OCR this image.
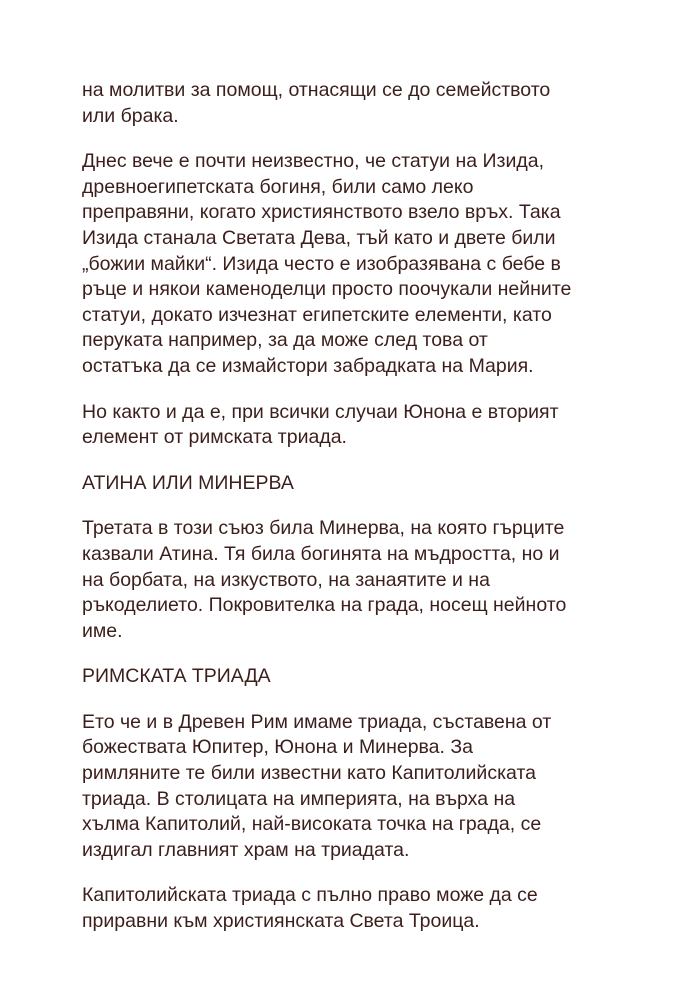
на молитви за помощ, отнасящи се до семейството
или брака.

Днес вече е почти неизвестно, че статуи на Изида,
древноегипетската богиня, били само леко
преправяни, когато християнството взело връх. Така
Изида станала Светата Дева, тъй като и двете били
„божии майки“. Изида често е изобразявана с бебе в
ръце и някои каменоделци просто поочукали нейните
статуи, докато изчезнат египетските елементи, като
перуката например, за да може след това от
остатъка да се измайстори забрадката на Мария.

Но както и да е, при всички случаи Юнона е вторият
елемент от римската триада.

АТИНА ИЛИ МИНЕРВА

Третата в този съюз била Минерва, на която гърците
казвали Атина. Тя била богинята на мъдростта, но и
на борбата, на изкуството, на занаятите и на
ръкоделието. Покровителка на града, носещ нейното
име.

РИМСКАТА ТРИАДА

Ето че и в Древен Рим имаме триада, съставена от
божествата Юпитер, Юнона и Минерва. За
римляните те били известни като Капитолийската
триада. В столицата на империята, на върха на
хълма Капитолий, най-високата точка на града, се
издигал главният храм на триадата.

Капитолийската триада с пълно право може да се
приравни към християнската Света Троица.
